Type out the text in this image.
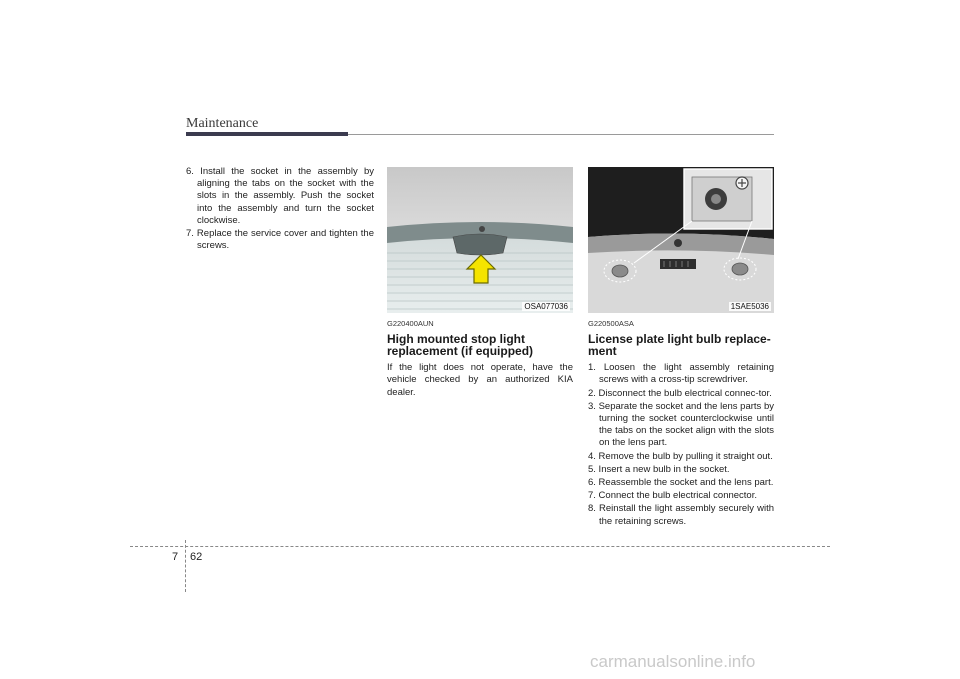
Maintenance
6. Install the socket in the assembly by aligning the tabs on the socket with the slots in the assembly. Push the socket into the assembly and turn the socket clockwise.
7. Replace the service cover and tighten the screws.
OSA077036	1SAE5036
G220400AUN
High mounted stop light replacement (if equipped)
If the light does not operate, have the vehicle checked by an authorized KIA dealer.
G220500ASA
License plate light bulb replace-ment
1. Loosen the light assembly retaining screws with a cross-tip screwdriver.
2. Disconnect the bulb electrical connec-tor.
3. Separate the socket and the lens parts by turning the socket counterclockwise until the tabs on the socket align with the slots on the lens part.
4. Remove the bulb by pulling it straight out.
5. Insert a new bulb in the socket.
6. Reassemble the socket and the lens part.
7. Connect the bulb electrical connector.
8. Reinstall the light assembly securely with the retaining screws.
7 62
carmanualsonline.info
